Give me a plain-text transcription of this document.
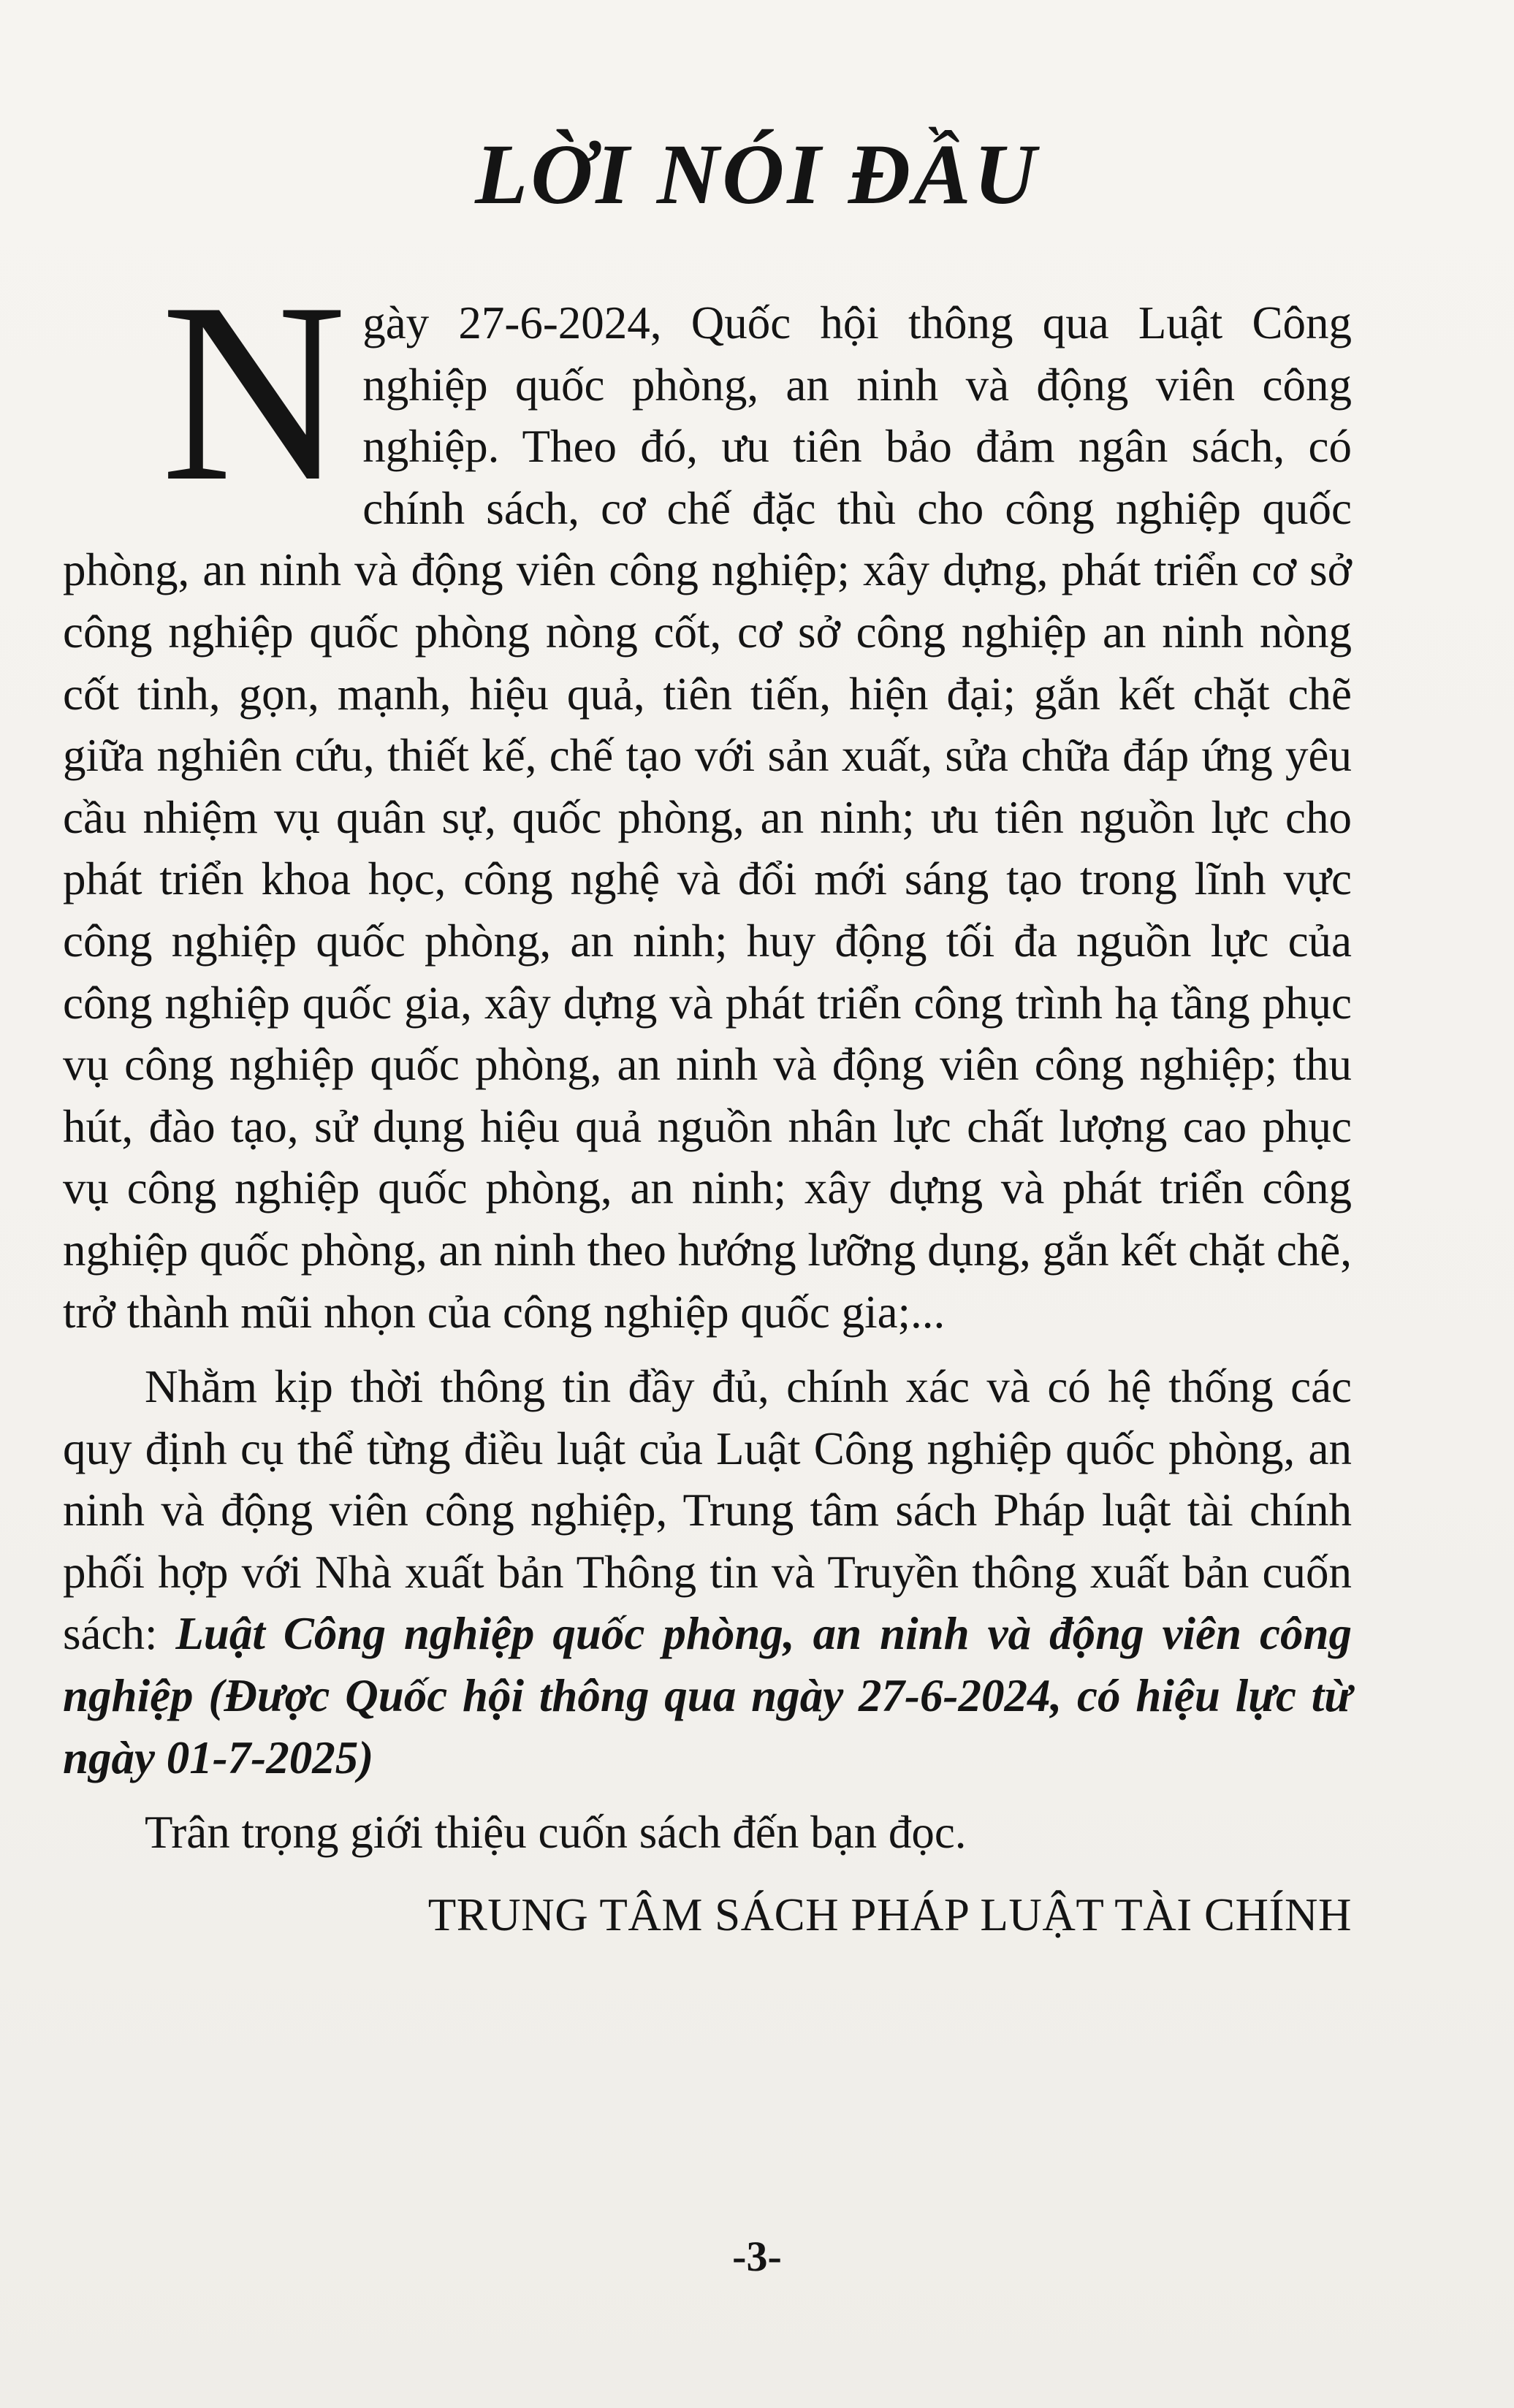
LỜI NÓI ĐẦU

Ngày 27-6-2024, Quốc hội thông qua Luật Công nghiệp quốc phòng, an ninh và động viên công nghiệp. Theo đó, ưu tiên bảo đảm ngân sách, có chính sách, cơ chế đặc thù cho công nghiệp quốc phòng, an ninh và động viên công nghiệp; xây dựng, phát triển cơ sở công nghiệp quốc phòng nòng cốt, cơ sở công nghiệp an ninh nòng cốt tinh, gọn, mạnh, hiệu quả, tiên tiến, hiện đại; gắn kết chặt chẽ giữa nghiên cứu, thiết kế, chế tạo với sản xuất, sửa chữa đáp ứng yêu cầu nhiệm vụ quân sự, quốc phòng, an ninh; ưu tiên nguồn lực cho phát triển khoa học, công nghệ và đổi mới sáng tạo trong lĩnh vực công nghiệp quốc phòng, an ninh; huy động tối đa nguồn lực của công nghiệp quốc gia, xây dựng và phát triển công trình hạ tầng phục vụ công nghiệp quốc phòng, an ninh và động viên công nghiệp; thu hút, đào tạo, sử dụng hiệu quả nguồn nhân lực chất lượng cao phục vụ công nghiệp quốc phòng, an ninh; xây dựng và phát triển công nghiệp quốc phòng, an ninh theo hướng lưỡng dụng, gắn kết chặt chẽ, trở thành mũi nhọn của công nghiệp quốc gia;...

Nhằm kịp thời thông tin đầy đủ, chính xác và có hệ thống các quy định cụ thể từng điều luật của Luật Công nghiệp quốc phòng, an ninh và động viên công nghiệp, Trung tâm sách Pháp luật tài chính phối hợp với Nhà xuất bản Thông tin và Truyền thông xuất bản cuốn sách: Luật Công nghiệp quốc phòng, an ninh và động viên công nghiệp (Được Quốc hội thông qua ngày 27-6-2024, có hiệu lực từ ngày 01-7-2025)

Trân trọng giới thiệu cuốn sách đến bạn đọc.

TRUNG TÂM SÁCH PHÁP LUẬT TÀI CHÍNH

-3-
